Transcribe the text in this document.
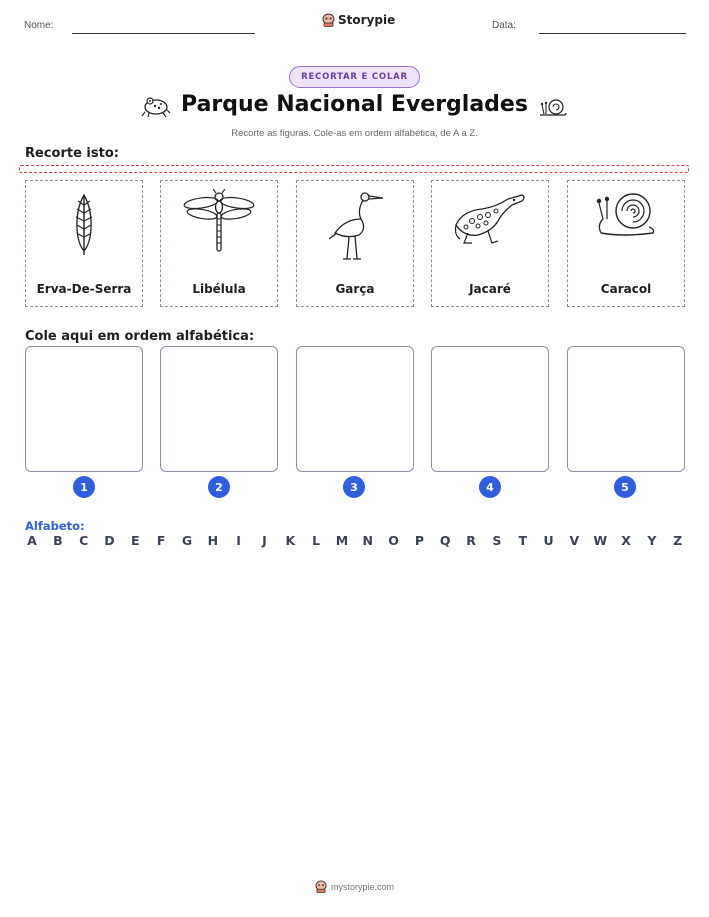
Nome:	Storypie	Data:
RECORTAR E COLAR
Parque Nacional Everglades
Recorte as figuras. Cole-as em ordem alfabética, de A a Z.
Recorte isto:
Erva-De-Serra	Libélula	Garça	Jacaré	Caracol
Cole aqui em ordem alfabética:
1	2	3	4	5
Alfabeto:
A B C D E F G H	I	J	K L M N O P Q R S T U V W X Y Z
mystorypie.com
